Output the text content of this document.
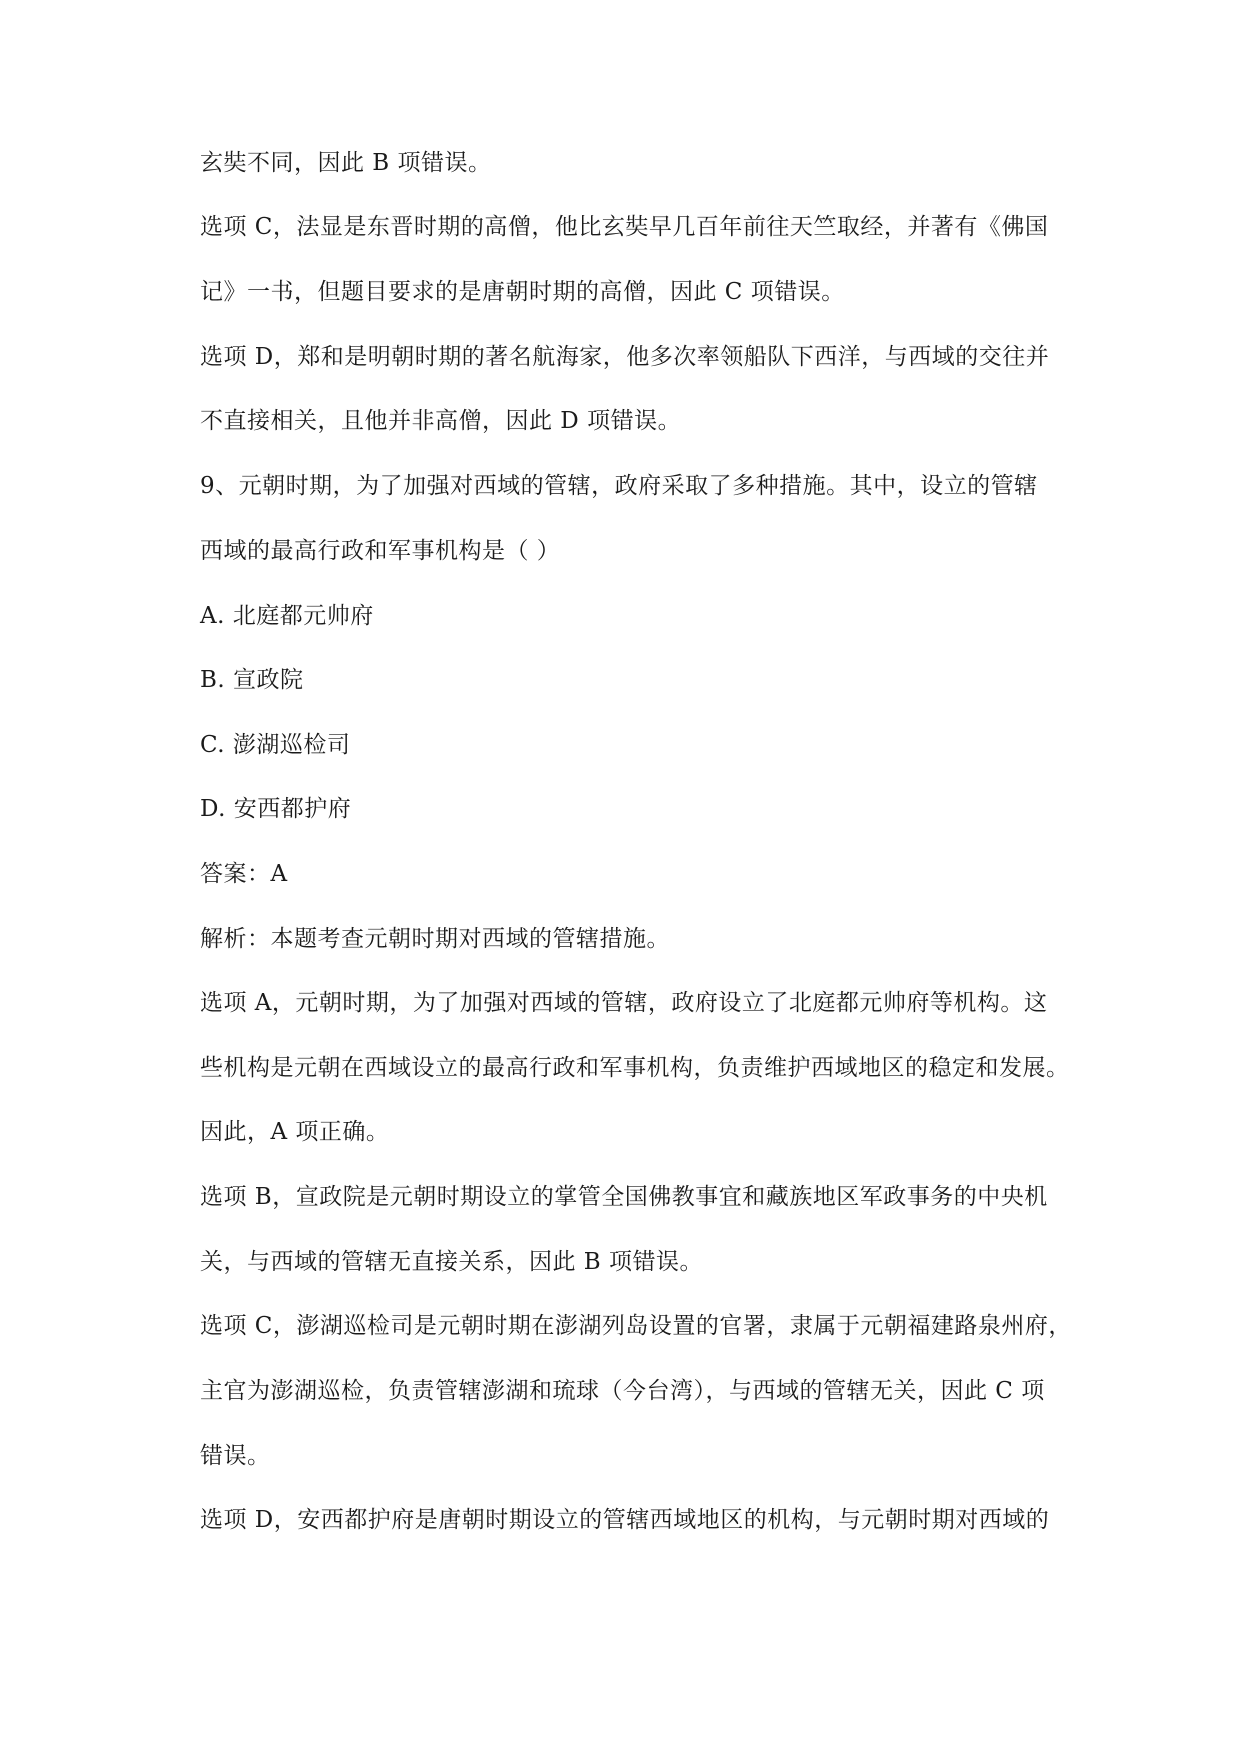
玄奘不同，因此 B 项错误。
选项 C，法显是东晋时期的高僧，他比玄奘早几百年前往天竺取经，并著有《佛国
记》一书，但题目要求的是唐朝时期的高僧，因此 C 项错误。
选项 D，郑和是明朝时期的著名航海家，他多次率领船队下西洋，与西域的交往并
不直接相关，且他并非高僧，因此 D 项错误。
9、元朝时期，为了加强对西域的管辖，政府采取了多种措施。其中，设立的管辖
西域的最高行政和军事机构是（ ）
A. 北庭都元帅府
B. 宣政院
C. 澎湖巡检司
D. 安西都护府
答案：A
解析：本题考查元朝时期对西域的管辖措施。
选项 A，元朝时期，为了加强对西域的管辖，政府设立了北庭都元帅府等机构。这
些机构是元朝在西域设立的最高行政和军事机构，负责维护西域地区的稳定和发展。
因此，A 项正确。
选项 B，宣政院是元朝时期设立的掌管全国佛教事宜和藏族地区军政事务的中央机
关，与西域的管辖无直接关系，因此 B 项错误。
选项 C，澎湖巡检司是元朝时期在澎湖列岛设置的官署，隶属于元朝福建路泉州府，
主官为澎湖巡检，负责管辖澎湖和琉球（今台湾），与西域的管辖无关，因此 C 项
错误。
选项 D，安西都护府是唐朝时期设立的管辖西域地区的机构，与元朝时期对西域的
